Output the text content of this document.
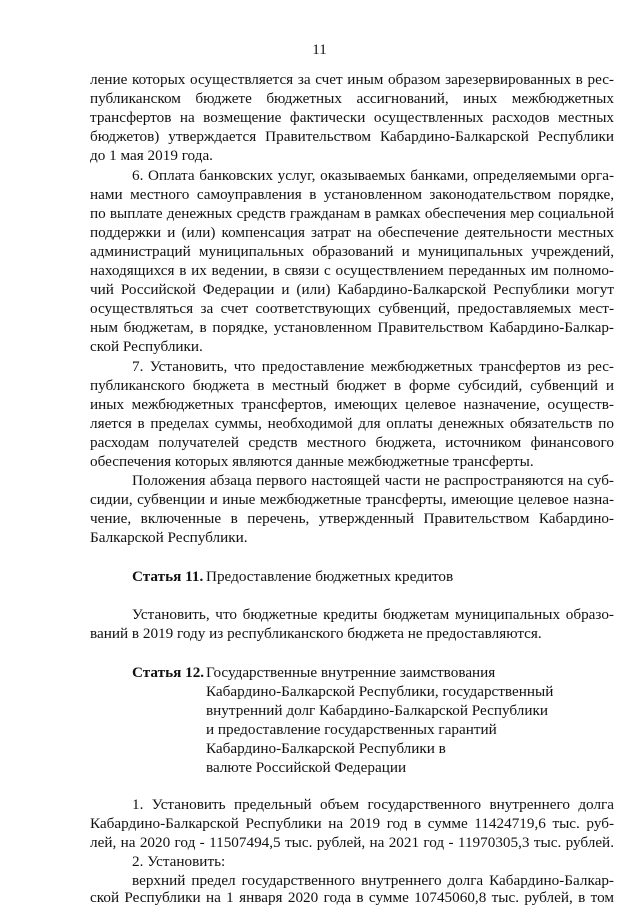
11
ление которых осуществляется за счет иным образом зарезервированных в рес-
публиканском бюджете бюджетных ассигнований, иных межбюджетных
трансфертов на возмещение фактически осуществленных расходов местных
бюджетов) утверждается Правительством Кабардино-Балкарской Республики
до 1 мая 2019 года.
6. Оплата банковских услуг, оказываемых банками, определяемыми орга-
нами местного самоуправления в установленном законодательством порядке,
по выплате денежных средств гражданам в рамках обеспечения мер социальной
поддержки и (или) компенсация затрат на обеспечение деятельности местных
администраций муниципальных образований и муниципальных учреждений,
находящихся в их ведении, в связи с осуществлением переданных им полномо-
чий Российской Федерации и (или) Кабардино-Балкарской Республики могут
осуществляться за счет соответствующих субвенций, предоставляемых мест-
ным бюджетам, в порядке, установленном Правительством Кабардино-Балкар-
ской Республики.
7. Установить, что предоставление межбюджетных трансфертов из рес-
публиканского бюджета в местный бюджет в форме субсидий, субвенций и
иных межбюджетных трансфертов, имеющих целевое назначение, осуществ-
ляется в пределах суммы, необходимой для оплаты денежных обязательств по
расходам получателей средств местного бюджета, источником финансового
обеспечения которых являются данные межбюджетные трансферты.
Положения абзаца первого настоящей части не распространяются на суб-
сидии, субвенции и иные межбюджетные трансферты, имеющие целевое назна-
чение, включенные в перечень, утвержденный Правительством Кабардино-
Балкарской Республики.
Статья 11. Предоставление бюджетных кредитов
Установить, что бюджетные кредиты бюджетам муниципальных образо-
ваний в 2019 году из республиканского бюджета не предоставляются.
Статья 12. Государственные внутренние заимствования
Кабардино-Балкарской Республики, государственный
внутренний долг Кабардино-Балкарской Республики
и предоставление государственных гарантий
Кабардино-Балкарской Республики в
валюте Российской Федерации
1. Установить предельный объем государственного внутреннего долга
Кабардино-Балкарской Республики на 2019 год в сумме 11424719,6 тыс. руб-
лей, на 2020 год - 11507494,5 тыс. рублей, на 2021 год - 11970305,3 тыс. рублей.
2. Установить:
верхний предел государственного внутреннего долга Кабардино-Балкар-
ской Республики на 1 января 2020 года в сумме 10745060,8 тыс. рублей, в том
